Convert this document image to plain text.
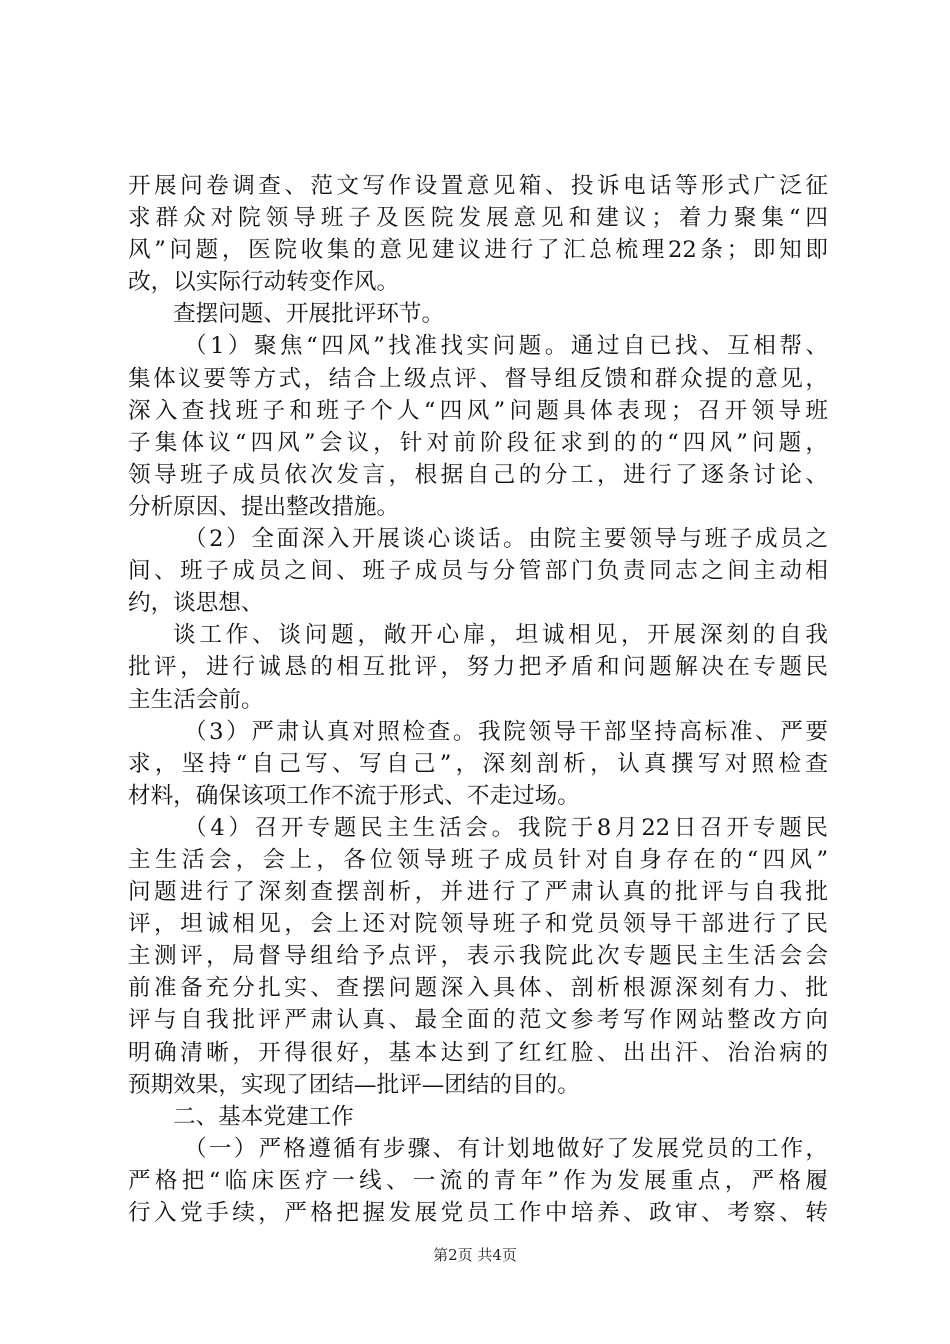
开展问卷调查、范文写作设置意见箱、投诉电话等形式广泛征
求群众对院领导班子及医院发展意见和建议；着力聚集“四
风”问题，医院收集的意见建议进行了汇总梳理22条；即知即
改，以实际行动转变作风。
查摆问题、开展批评环节。
（1）聚焦“四风”找准找实问题。通过自已找、互相帮、
集体议要等方式，结合上级点评、督导组反馈和群众提的意见，
深入查找班子和班子个人“四风”问题具体表现；召开领导班
子集体议“四风”会议，针对前阶段征求到的的“四风”问题，
领导班子成员依次发言，根据自己的分工，进行了逐条讨论、
分析原因、提出整改措施。
（2）全面深入开展谈心谈话。由院主要领导与班子成员之
间、班子成员之间、班子成员与分管部门负责同志之间主动相
约，谈思想、
谈工作、谈问题，敞开心扉，坦诚相见，开展深刻的自我
批评，进行诚恳的相互批评，努力把矛盾和问题解决在专题民
主生活会前。
（3）严肃认真对照检查。我院领导干部坚持高标准、严要
求，坚持“自己写、写自己”，深刻剖析，认真撰写对照检查
材料，确保该项工作不流于形式、不走过场。
（4）召开专题民主生活会。我院于8月22日召开专题民
主生活会，会上，各位领导班子成员针对自身存在的“四风”
问题进行了深刻查摆剖析，并进行了严肃认真的批评与自我批
评，坦诚相见，会上还对院领导班子和党员领导干部进行了民
主测评，局督导组给予点评，表示我院此次专题民主生活会会
前准备充分扎实、查摆问题深入具体、剖析根源深刻有力、批
评与自我批评严肃认真、最全面的范文参考写作网站整改方向
明确清晰，开得很好，基本达到了红红脸、出出汗、治治病的
预期效果，实现了团结—批评—团结的目的。
二、基本党建工作
（一）严格遵循有步骤、有计划地做好了发展党员的工作，
严格把“临床医疗一线、一流的青年”作为发展重点，严格履
行入党手续，严格把握发展党员工作中培养、政审、考察、转
第2页 共4页
